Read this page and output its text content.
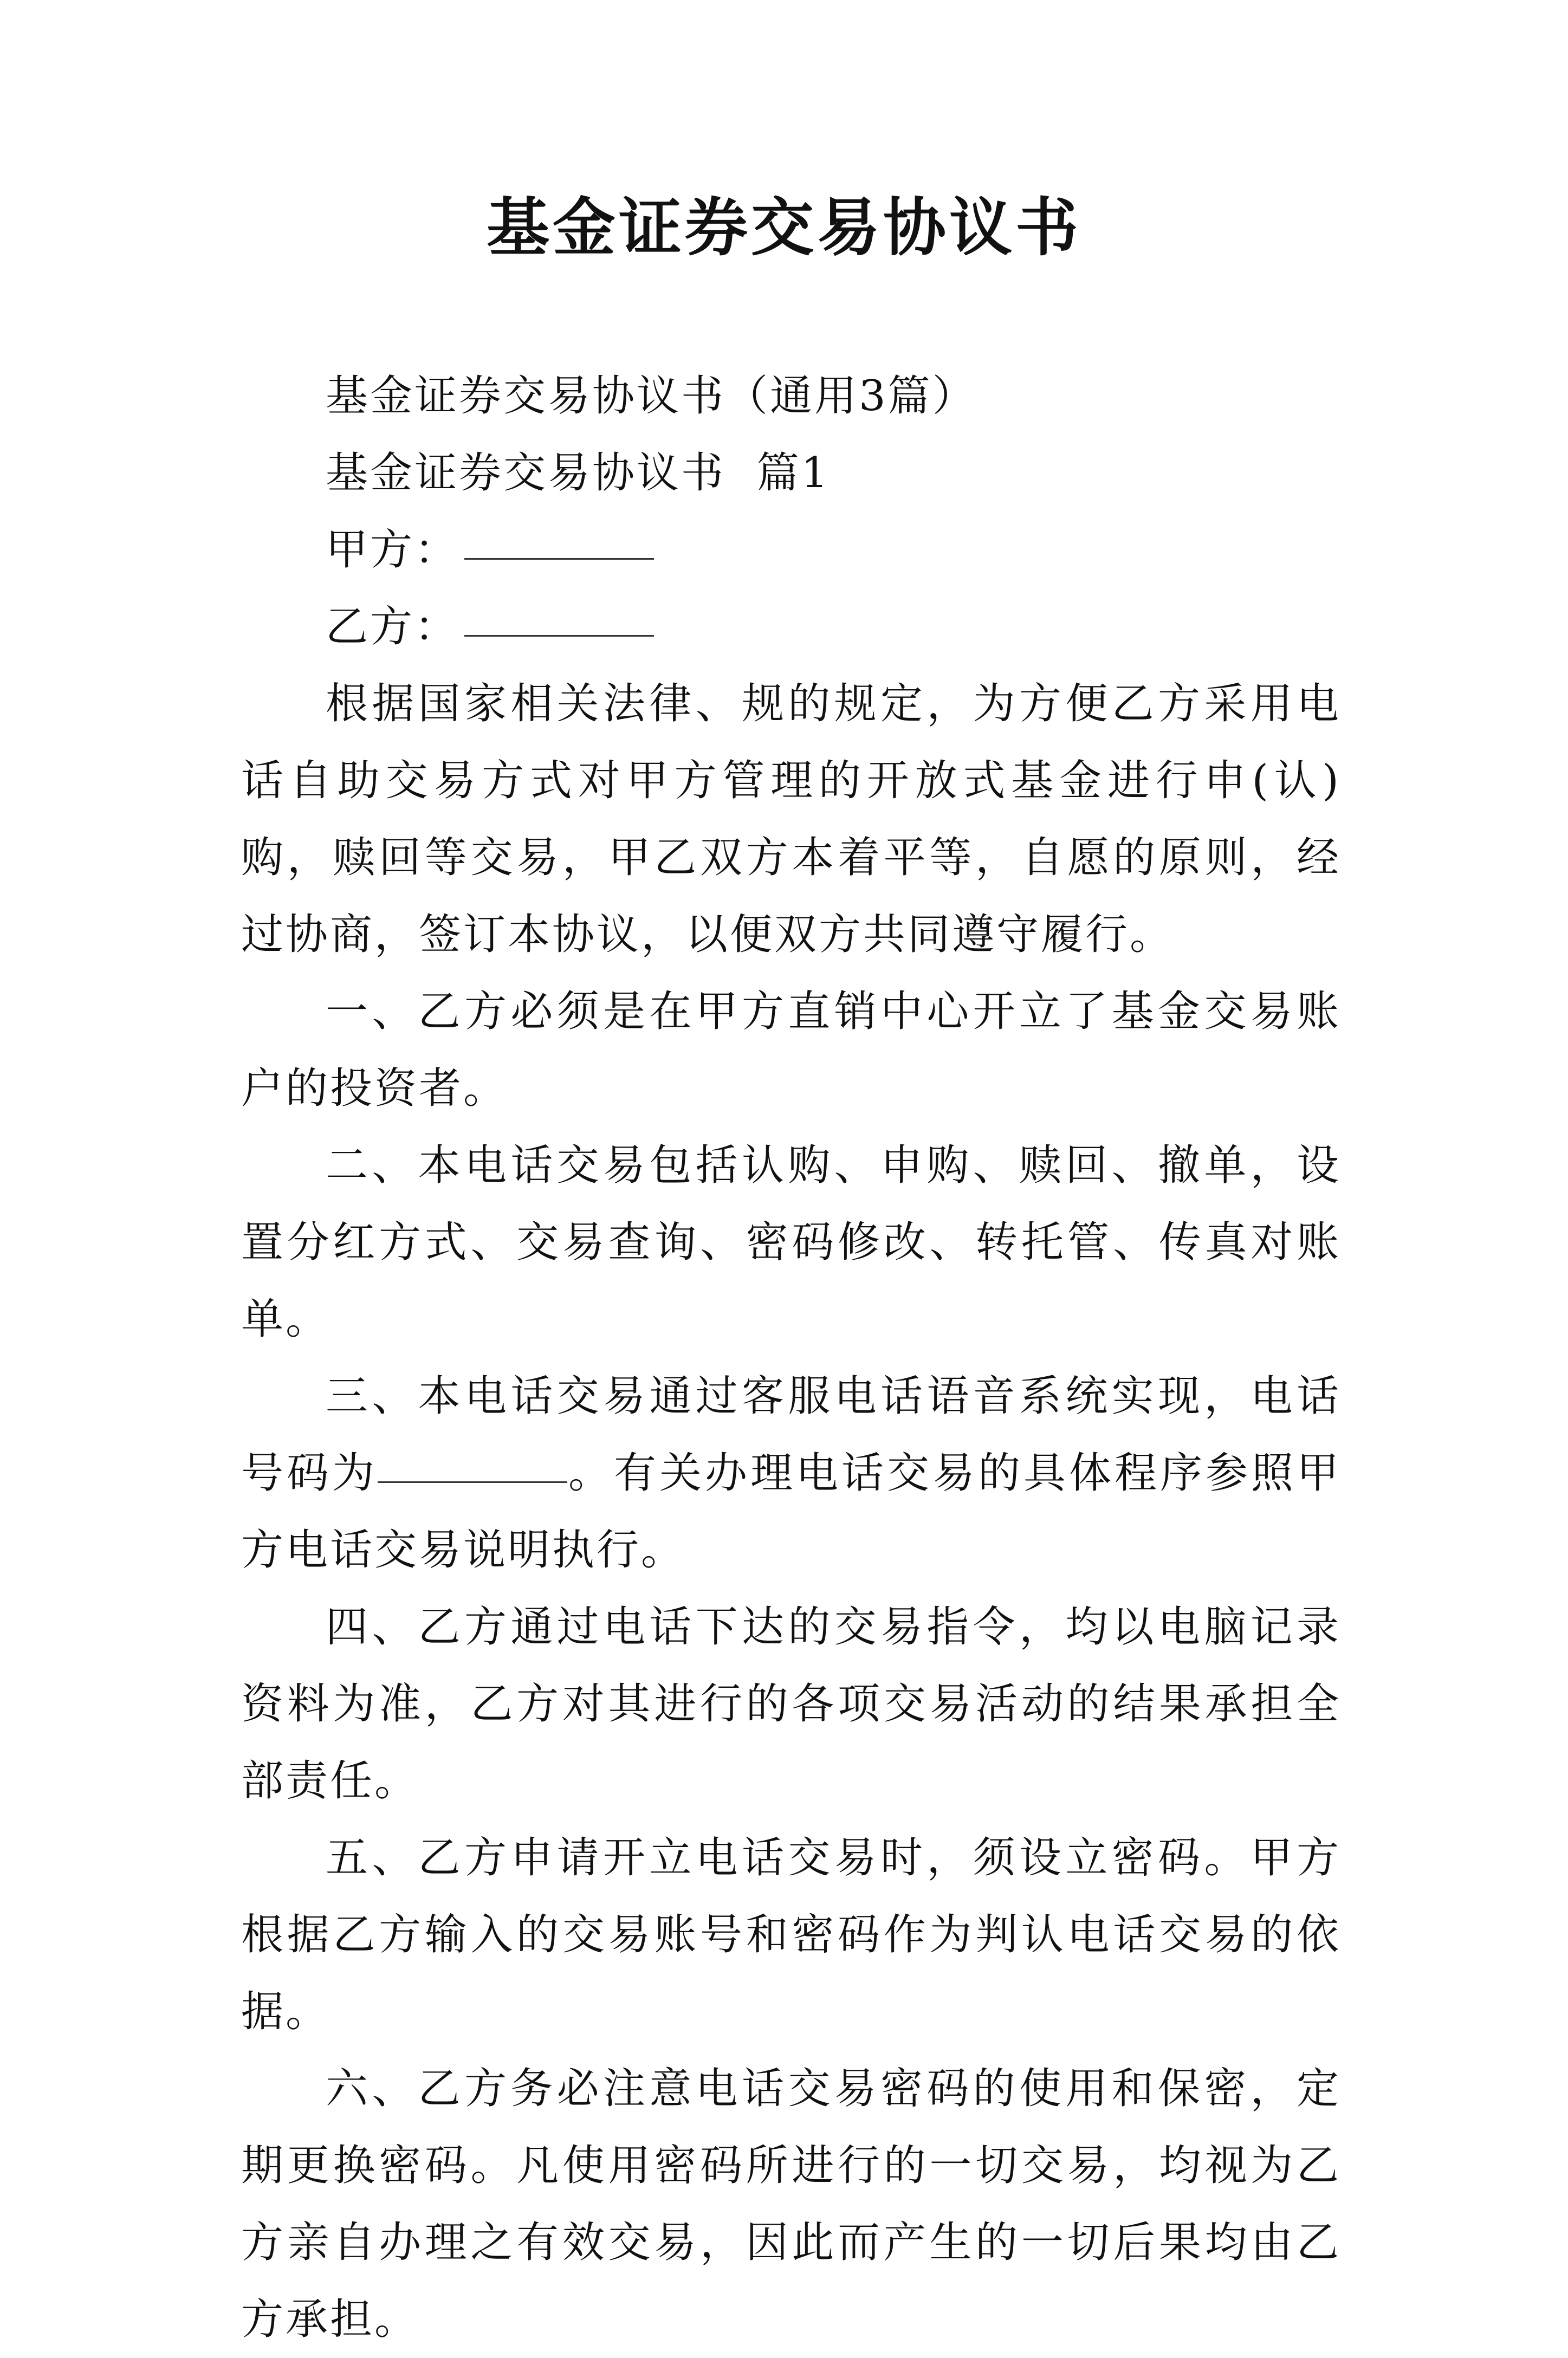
基金证券交易协议书

基金证券交易协议书（通用3篇）

基金证券交易协议书  篇1

甲方：

乙方：

根据国家相关法律、规的规定，为方便乙方采用电话自助交易方式对甲方管理的开放式基金进行申(认)购，赎回等交易，甲乙双方本着平等，自愿的原则，经过协商，签订本协议，以便双方共同遵守履行。

一、乙方必须是在甲方直销中心开立了基金交易账户的投资者。

二、本电话交易包括认购、申购、赎回、撤单，设置分红方式、交易查询、密码修改、转托管、传真对账单。

三、本电话交易通过客服电话语音系统实现，电话号码为	。有关办理电话交易的具体程序参照甲方电话交易说明执行。

四、乙方通过电话下达的交易指令，均以电脑记录资料为准，乙方对其进行的各项交易活动的结果承担全部责任。

五、乙方申请开立电话交易时，须设立密码。甲方根据乙方输入的交易账号和密码作为判认电话交易的依据。

六、乙方务必注意电话交易密码的使用和保密，定期更换密码。凡使用密码所进行的一切交易，均视为乙方亲自办理之有效交易，因此而产生的一切后果均由乙方承担。
